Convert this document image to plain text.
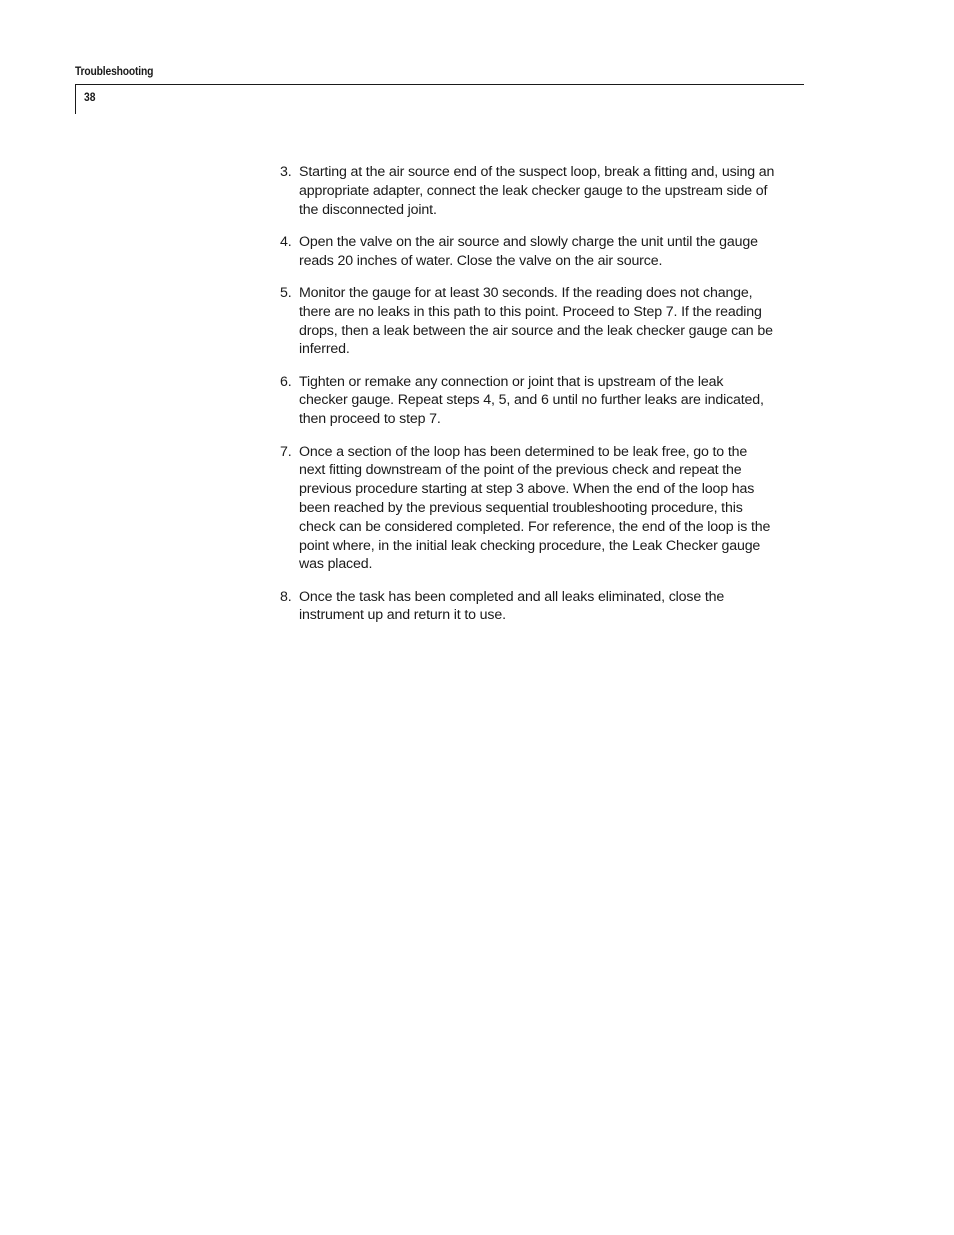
Troubleshooting
38
3. Starting at the air source end of the suspect loop, break a fitting and, using an
appropriate adapter, connect the leak checker gauge to the upstream side of
the disconnected joint.
4. Open the valve on the air source and slowly charge the unit until the gauge
reads 20 inches of water. Close the valve on the air source.
5. Monitor the gauge for at least 30 seconds. If the reading does not change,
there are no leaks in this path to this point. Proceed to Step 7. If the reading
drops, then a leak between the air source and the leak checker gauge can be
inferred.
6. Tighten or remake any connection or joint that is upstream of the leak
checker gauge. Repeat steps 4, 5, and 6 until no further leaks are indicated,
then proceed to step 7.
7. Once a section of the loop has been determined to be leak free, go to the
next fitting downstream of the point of the previous check and repeat the
previous procedure starting at step 3 above. When the end of the loop has
been reached by the previous sequential troubleshooting procedure, this
check can be considered completed. For reference, the end of the loop is the
point where, in the initial leak checking procedure, the Leak Checker gauge
was placed.
8. Once the task has been completed and all leaks eliminated, close the
instrument up and return it to use.
